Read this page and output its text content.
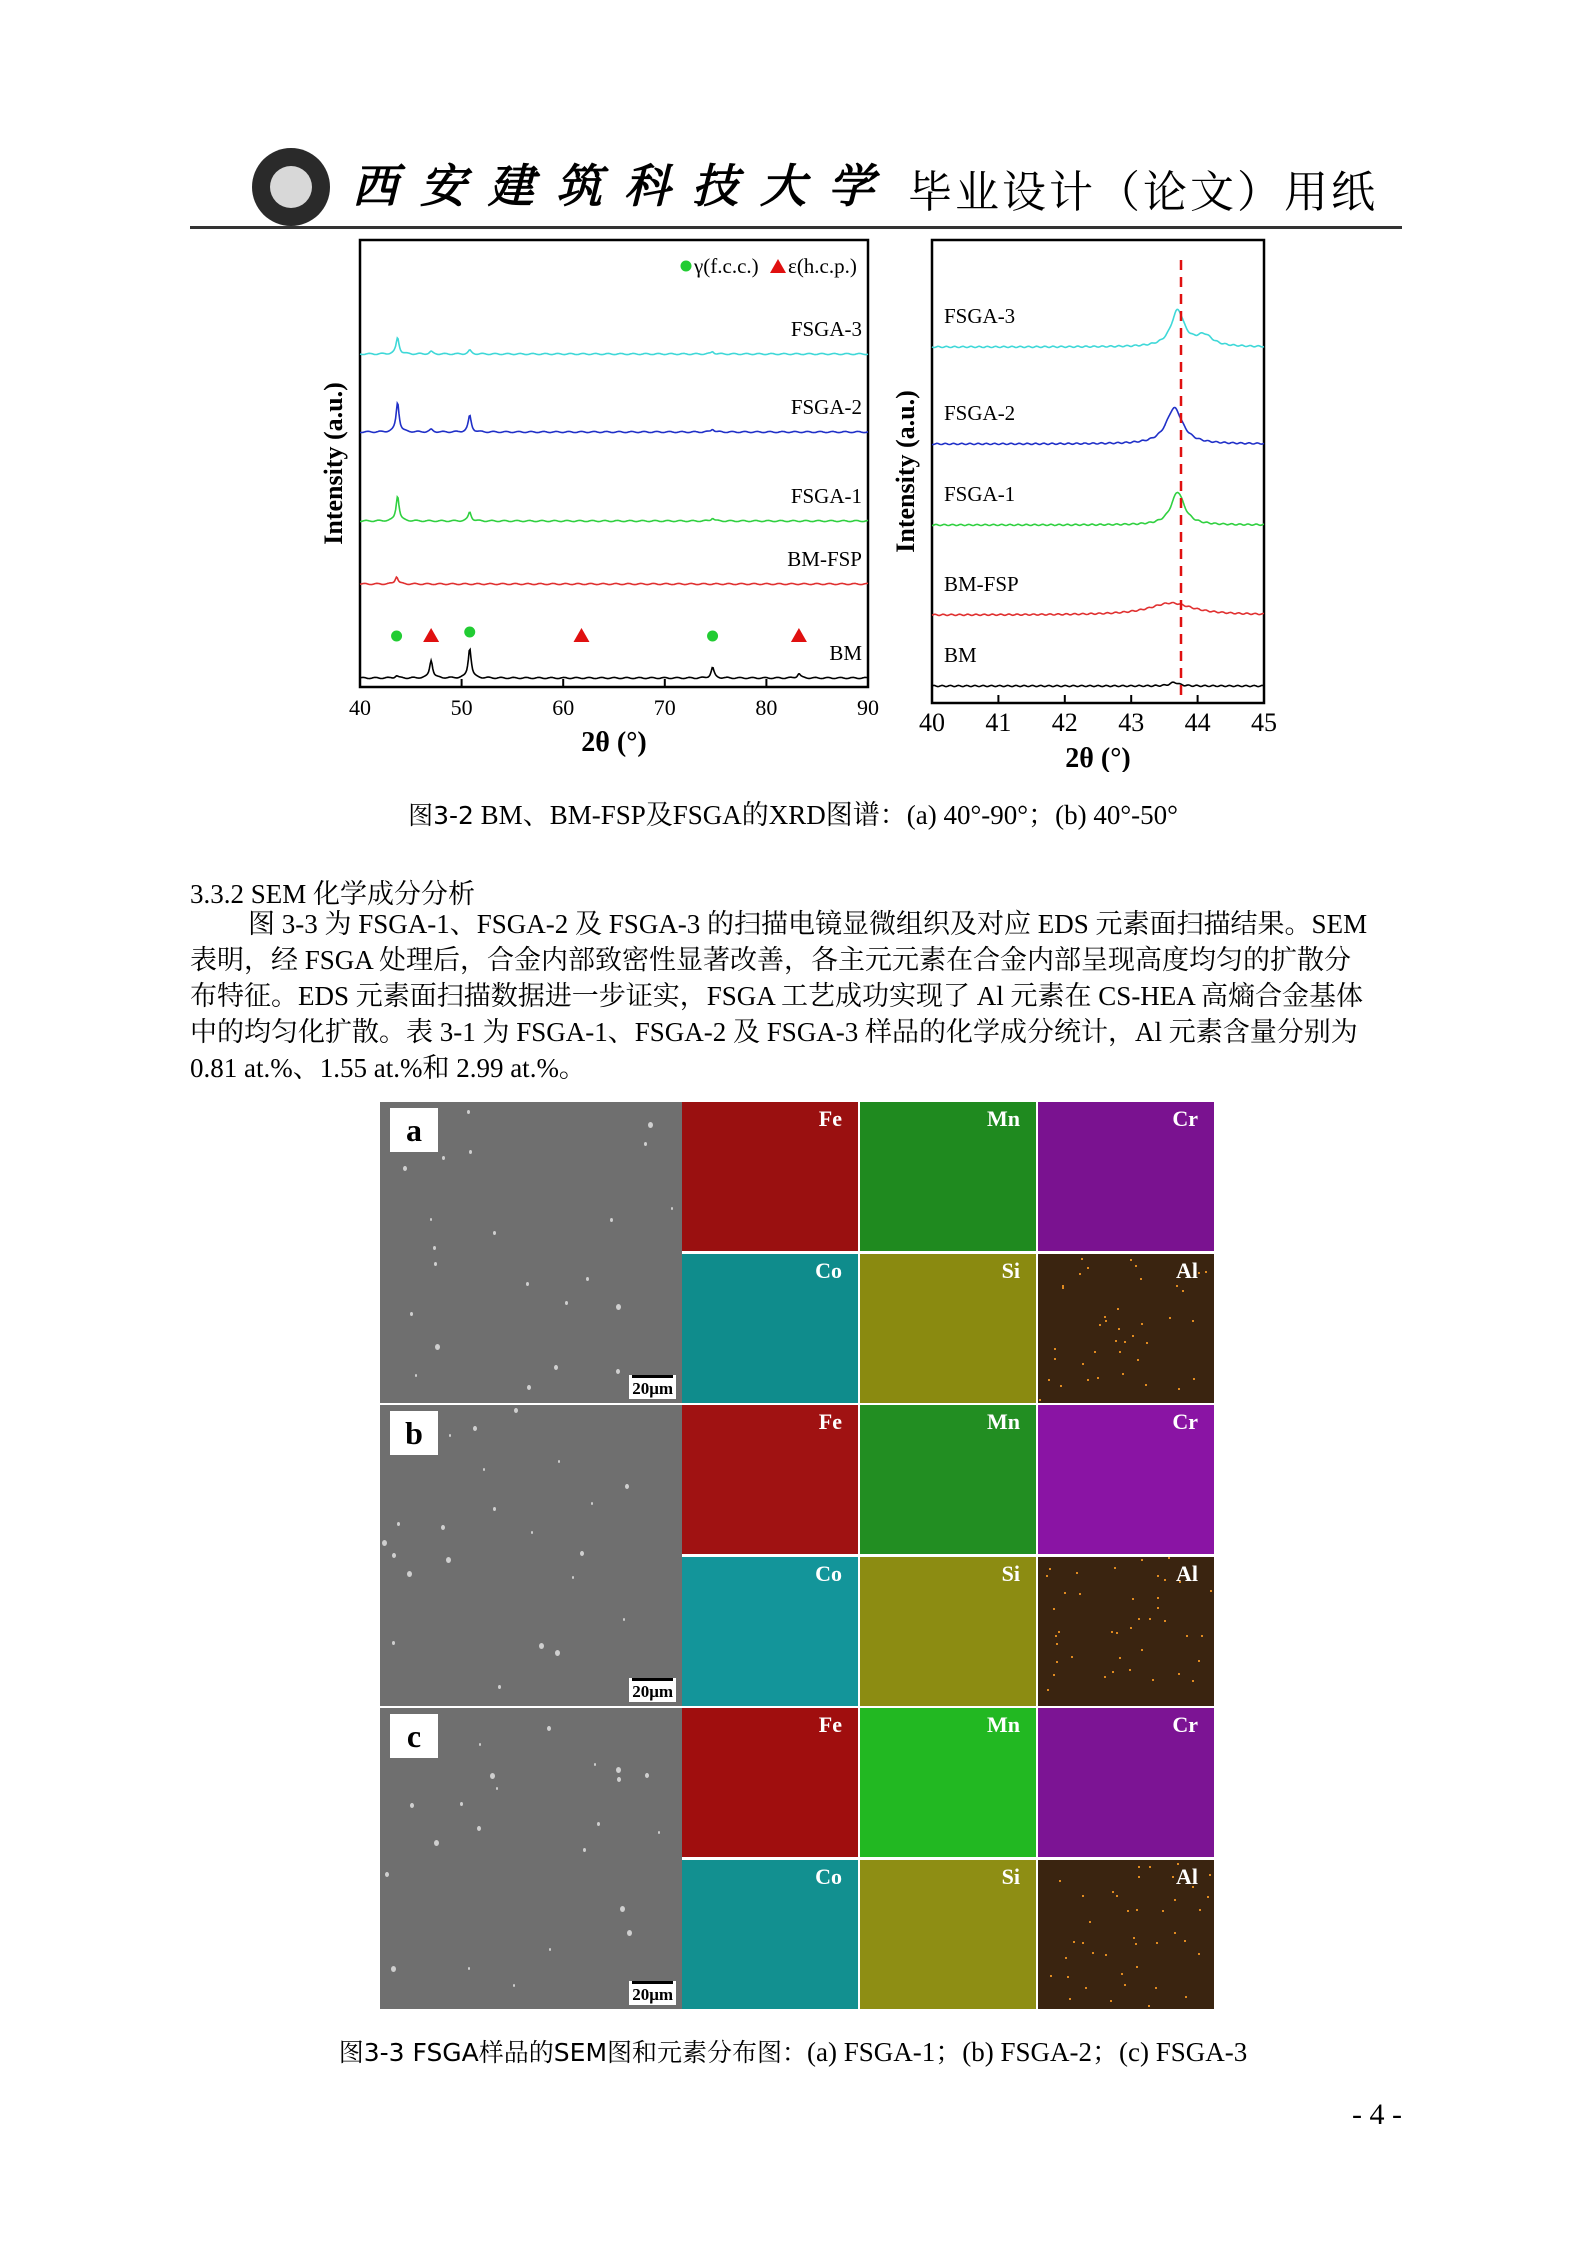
西安建筑科技大学 毕业设计（论文）用纸
40	50	60	70	80	90
2θ (°)
Intensity (a.u.)
FSGA-3
FSGA-2
FSGA-1
BM-FSP
BM
γ(f.c.c.) ε(h.c.p.)
40 41 42 43 44 45
2θ (°)
Intensity (a.u.)
FSGA-3
FSGA-2
FSGA-1
BM-FSP
BM
图3-2 BM、BM-FSP及FSGA的XRD图谱：(a) 40°-90°；(b) 40°-50°
3.3.2 SEM 化学成分分析
图 3-3 为 FSGA-1、FSGA-2 及 FSGA-3 的扫描电镜显微组织及对应 EDS 元素面扫描结果。SEM
表明，经 FSGA 处理后，合金内部致密性显著改善，各主元元素在合金内部呈现高度均匀的扩散分
布特征。EDS 元素面扫描数据进一步证实，FSGA 工艺成功实现了 Al 元素在 CS-HEA 高熵合金基体
中的均匀化扩散。表 3-1 为 FSGA-1、FSGA-2 及 FSGA-3 样品的化学成分统计，Al 元素含量分别为
0.81 at.%、1.55 at.%和 2.99 at.%。
a
20μm
Fe	Mn	Cr
Co	Si	Al
b
20μm
Fe	Mn	Cr
Co	Si	Al
c
20μm
Fe	Mn	Cr
Co	Si	Al
图3-3 FSGA样品的SEM图和元素分布图：(a) FSGA-1；(b) FSGA-2；(c) FSGA-3
- 4 -
